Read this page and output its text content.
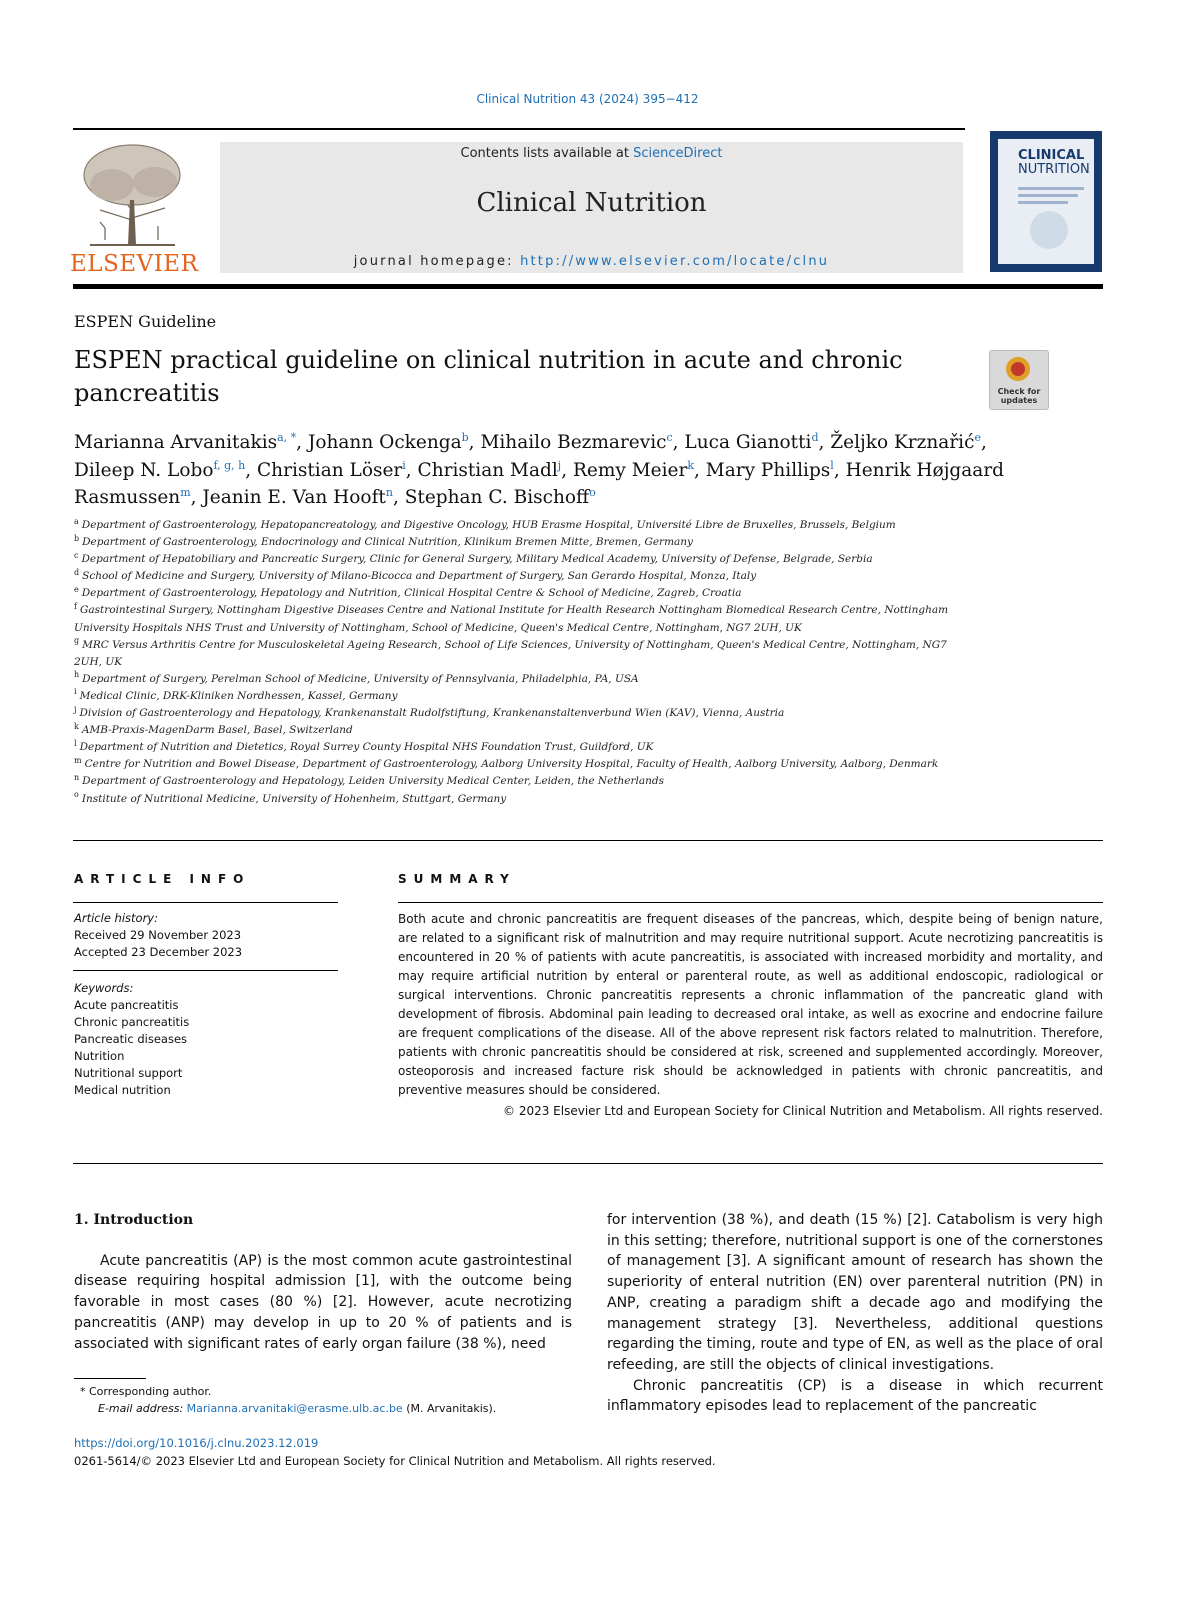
Clinical Nutrition 43 (2024) 395−412
ELSEVIER
Contents lists available at ScienceDirect
Clinical Nutrition
journal homepage: http://www.elsevier.com/locate/clnu
CLINICAL
NUTRITION
ESPEN Guideline
ESPEN practical guideline on clinical nutrition in acute and chronic pancreatitis	Check for updates
Marianna Arvanitakis$^{a, *}$, Johann Ockenga$^b$, Mihailo Bezmarevic$^c$, Luca Gianotti$^d$, Željko Krznařić$^e$, Dileep N. Lobo$^{f, g, h}$, Christian Löser$^i$, Christian Madl$^j$, Remy Meier$^k$, Mary Phillips$^l$, Henrik Højgaard Rasmussen$^m$, Jeanin E. Van Hooft$^n$, Stephan C. Bischoff$^o$
$^a$ Department of Gastroenterology, Hepatopancreatology, and Digestive Oncology, HUB Erasme Hospital, Université Libre de Bruxelles, Brussels, Belgium
$^b$ Department of Gastroenterology, Endocrinology and Clinical Nutrition, Klinikum Bremen Mitte, Bremen, Germany
$^c$ Department of Hepatobiliary and Pancreatic Surgery, Clinic for General Surgery, Military Medical Academy, University of Defense, Belgrade, Serbia
$^d$ School of Medicine and Surgery, University of Milano-Bicocca and Department of Surgery, San Gerardo Hospital, Monza, Italy
$^e$ Department of Gastroenterology, Hepatology and Nutrition, Clinical Hospital Centre & School of Medicine, Zagreb, Croatia
$^f$ Gastrointestinal Surgery, Nottingham Digestive Diseases Centre and National Institute for Health Research Nottingham Biomedical Research Centre, Nottingham University Hospitals NHS Trust and University of Nottingham, School of Medicine, Queen's Medical Centre, Nottingham, NG7 2UH, UK
$^g$ MRC Versus Arthritis Centre for Musculoskeletal Ageing Research, School of Life Sciences, University of Nottingham, Queen's Medical Centre, Nottingham, NG7 2UH, UK
$^h$ Department of Surgery, Perelman School of Medicine, University of Pennsylvania, Philadelphia, PA, USA
$^i$ Medical Clinic, DRK-Kliniken Nordhessen, Kassel, Germany
$^j$ Division of Gastroenterology and Hepatology, Krankenanstalt Rudolfstiftung, Krankenanstaltenverbund Wien (KAV), Vienna, Austria
$^k$ AMB-Praxis-MagenDarm Basel, Basel, Switzerland
$^l$ Department of Nutrition and Dietetics, Royal Surrey County Hospital NHS Foundation Trust, Guildford, UK
$^m$ Centre for Nutrition and Bowel Disease, Department of Gastroenterology, Aalborg University Hospital, Faculty of Health, Aalborg University, Aalborg, Denmark
$^n$ Department of Gastroenterology and Hepatology, Leiden University Medical Center, Leiden, the Netherlands
$^o$ Institute of Nutritional Medicine, University of Hohenheim, Stuttgart, Germany
ARTICLE INFO	SUMMARY
Article history:
Received 29 November 2023
Accepted 23 December 2023
Keywords:
Acute pancreatitis
Chronic pancreatitis
Pancreatic diseases
Nutrition
Nutritional support
Medical nutrition

Both acute and chronic pancreatitis are frequent diseases of the pancreas, which, despite being of benign nature, are related to a significant risk of malnutrition and may require nutritional support. Acute necrotizing pancreatitis is encountered in 20 % of patients with acute pancreatitis, is associated with increased morbidity and mortality, and may require artificial nutrition by enteral or parenteral route, as well as additional endoscopic, radiological or surgical interventions. Chronic pancreatitis represents a chronic inflammation of the pancreatic gland with development of fibrosis. Abdominal pain leading to decreased oral intake, as well as exocrine and endocrine failure are frequent complications of the disease. All of the above represent risk factors related to malnutrition. Therefore, patients with chronic pancreatitis should be considered at risk, screened and supplemented accordingly. Moreover, osteoporosis and increased facture risk should be acknowledged in patients with chronic pancreatitis, and preventive measures should be considered.

© 2023 Elsevier Ltd and European Society for Clinical Nutrition and Metabolism. All rights reserved.
1. Introduction

Acute pancreatitis (AP) is the most common acute gastrointestinal disease requiring hospital admission [1], with the outcome being favorable in most cases (80 %) [2]. However, acute necrotizing pancreatitis (ANP) may develop in up to 20 % of patients and is associated with significant rates of early organ failure (38 %), need

for intervention (38 %), and death (15 %) [2]. Catabolism is very high in this setting; therefore, nutritional support is one of the cornerstones of management [3]. A significant amount of research has shown the superiority of enteral nutrition (EN) over parenteral nutrition (PN) in ANP, creating a paradigm shift a decade ago and modifying the management strategy [3]. Nevertheless, additional questions regarding the timing, route and type of EN, as well as the place of oral refeeding, are still the objects of clinical investigations.

Chronic pancreatitis (CP) is a disease in which recurrent inflammatory episodes lead to replacement of the pancreatic

* Corresponding author.
E-mail address: Marianna.arvanitaki@erasme.ulb.ac.be (M. Arvanitakis).
https://doi.org/10.1016/j.clnu.2023.12.019
0261-5614/© 2023 Elsevier Ltd and European Society for Clinical Nutrition and Metabolism. All rights reserved.
